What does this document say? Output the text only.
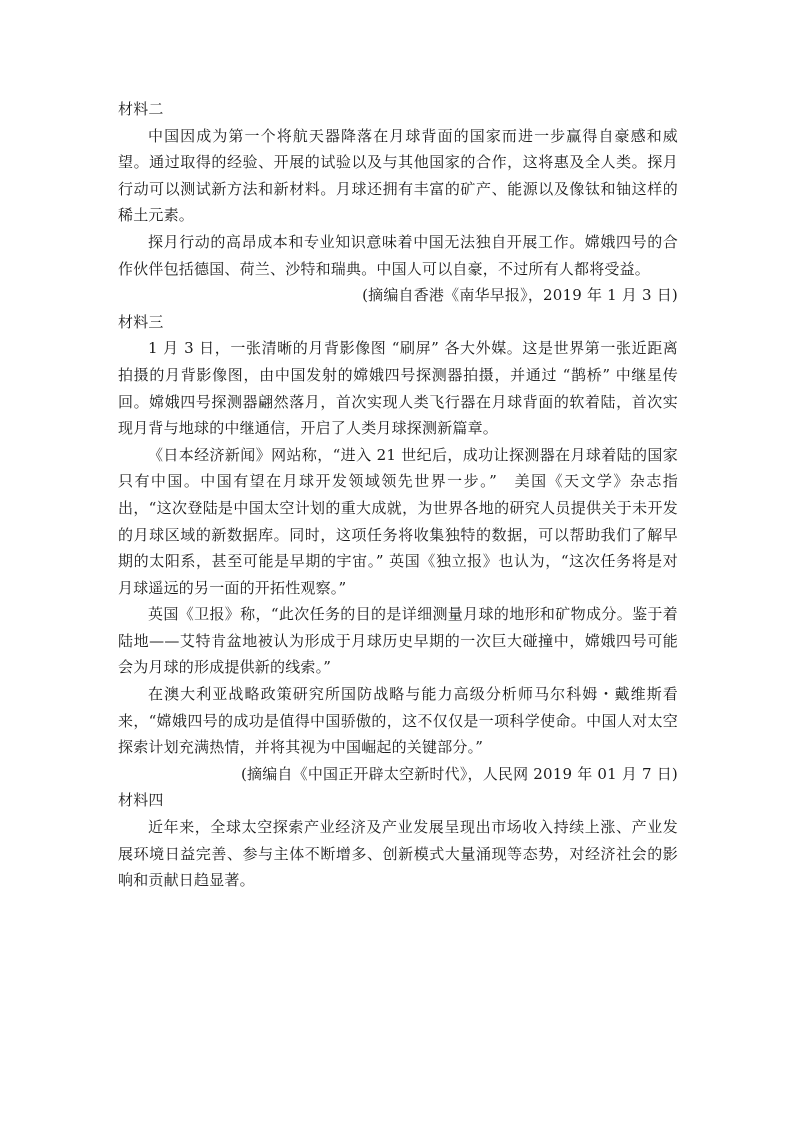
材料二

中国因成为第一个将航天器降落在月球背面的国家而进一步赢得自豪感和威望。通过取得的经验、开展的试验以及与其他国家的合作，这将惠及全人类。探月行动可以测试新方法和新材料。月球还拥有丰富的矿产、能源以及像钛和铀这样的稀土元素。

探月行动的高昂成本和专业知识意味着中国无法独自开展工作。嫦娥四号的合作伙伴包括德国、荷兰、沙特和瑞典。中国人可以自豪，不过所有人都将受益。

(摘编自香港《南华早报》，2019 年 1 月 3 日)

材料三

1 月 3 日，一张清晰的月背影像图 “刷屏” 各大外媒。这是世界第一张近距离拍摄的月背影像图，由中国发射的嫦娥四号探测器拍摄，并通过 “鹊桥” 中继星传回。嫦娥四号探测器翩然落月，首次实现人类飞行器在月球背面的软着陆，首次实现月背与地球的中继通信，开启了人类月球探测新篇章。

《日本经济新闻》网站称，“进入 21 世纪后，成功让探测器在月球着陆的国家只有中国。中国有望在月球开发领域领先世界一步。”　美国《天文学》杂志指出，“这次登陆是中国太空计划的重大成就，为世界各地的研究人员提供关于未开发的月球区域的新数据库。同时，这项任务将收集独特的数据，可以帮助我们了解早期的太阳系，甚至可能是早期的宇宙。” 英国《独立报》也认为，“这次任务将是对月球遥远的另一面的开拓性观察。”

英国《卫报》称，“此次任务的目的是详细测量月球的地形和矿物成分。鉴于着陆地——艾特肯盆地被认为形成于月球历史早期的一次巨大碰撞中，嫦娥四号可能会为月球的形成提供新的线索。”

在澳大利亚战略政策研究所国防战略与能力高级分析师马尔科姆・戴维斯看来，“嫦娥四号的成功是值得中国骄傲的，这不仅仅是一项科学使命。中国人对太空探索计划充满热情，并将其视为中国崛起的关键部分。”

(摘编自《中国正开辟太空新时代》，人民网 2019 年 01 月 7 日)

材料四

近年来，全球太空探索产业经济及产业发展呈现出市场收入持续上涨、产业发展环境日益完善、参与主体不断增多、创新模式大量涌现等态势，对经济社会的影响和贡献日趋显著。
